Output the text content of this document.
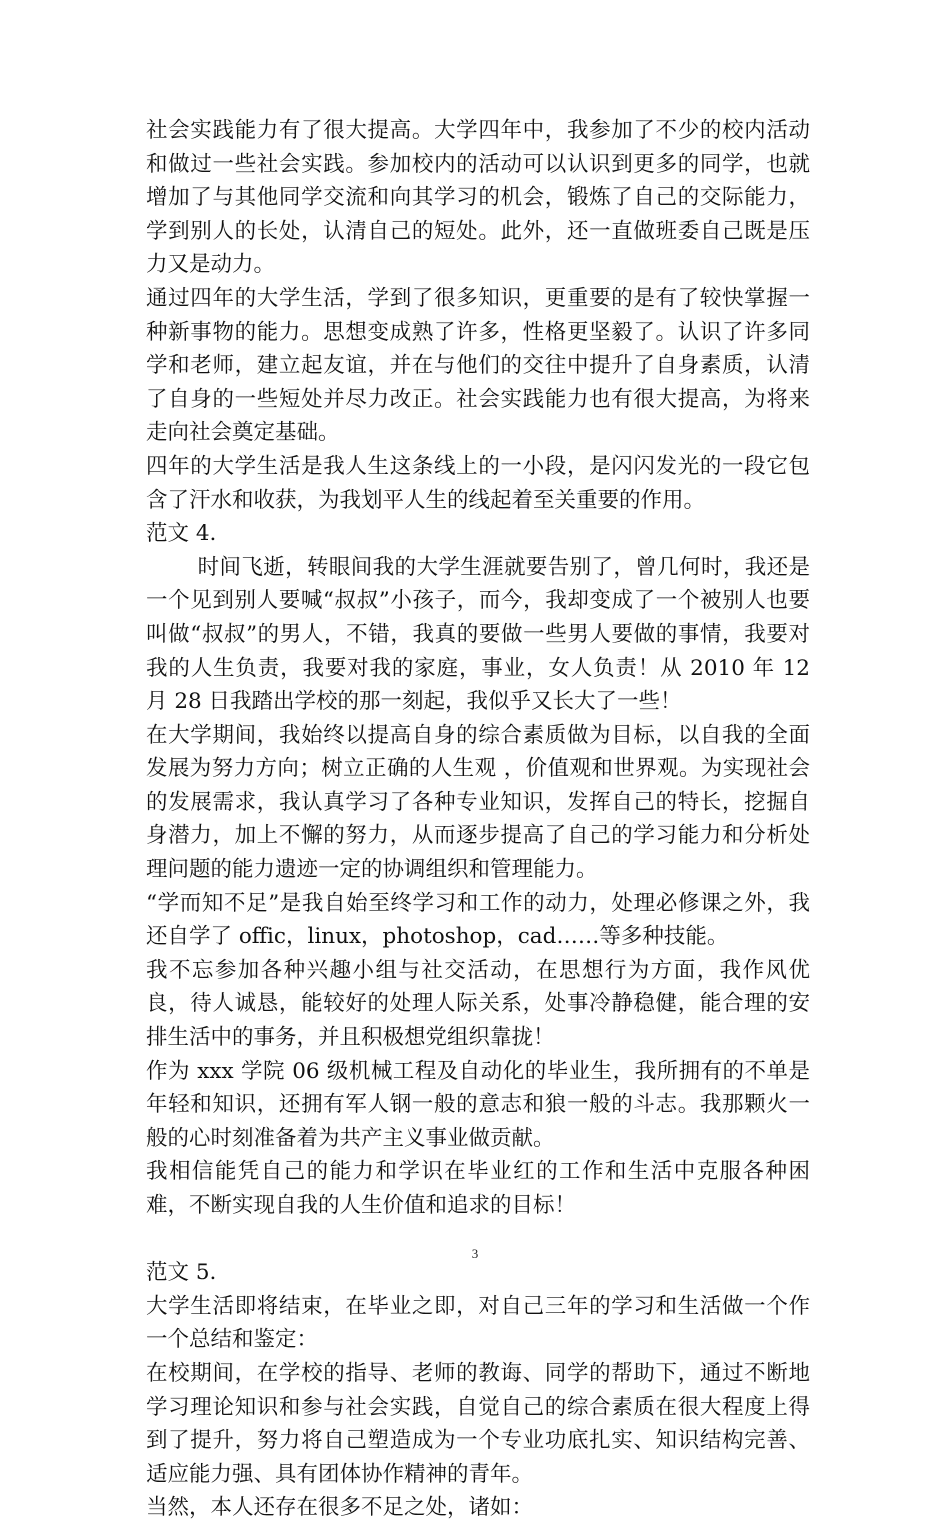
社会实践能力有了很大提高。大学四年中，我参加了不少的校内活动和做过一些社会实践。参加校内的活动可以认识到更多的同学，也就增加了与其他同学交流和向其学习的机会，锻炼了自己的交际能力，学到别人的长处，认清自己的短处。此外，还一直做班委自己既是压力又是动力。

通过四年的大学生活，学到了很多知识，更重要的是有了较快掌握一种新事物的能力。思想变成熟了许多，性格更坚毅了。认识了许多同学和老师，建立起友谊，并在与他们的交往中提升了自身素质，认清了自身的一些短处并尽力改正。社会实践能力也有很大提高，为将来走向社会奠定基础。

四年的大学生活是我人生这条线上的一小段，是闪闪发光的一段它包含了汗水和收获，为我划平人生的线起着至关重要的作用。

范文 4.

时间飞逝，转眼间我的大学生涯就要告别了，曾几何时，我还是一个见到别人要喊“叔叔”小孩子，而今，我却变成了一个被别人也要叫做“叔叔”的男人，不错，我真的要做一些男人要做的事情，我要对我的人生负责，我要对我的家庭，事业，女人负责！从 2010 年 12 月 28 日我踏出学校的那一刻起，我似乎又长大了一些！

在大学期间，我始终以提高自身的综合素质做为目标，以自我的全面发展为努力方向；树立正确的人生观 ，价值观和世界观。为实现社会的发展需求，我认真学习了各种专业知识，发挥自己的特长，挖掘自身潜力，加上不懈的努力，从而逐步提高了自己的学习能力和分析处理问题的能力遗迹一定的协调组织和管理能力。

“学而知不足”是我自始至终学习和工作的动力，处理必修课之外，我还自学了 offic，linux，photoshop，cad……等多种技能。

我不忘参加各种兴趣小组与社交活动，在思想行为方面，我作风优良，待人诚恳，能较好的处理人际关系，处事冷静稳健，能合理的安排生活中的事务，并且积极想党组织靠拢！

作为 xxx 学院 06 级机械工程及自动化的毕业生，我所拥有的不单是年轻和知识，还拥有军人钢一般的意志和狼一般的斗志。我那颗火一般的心时刻准备着为共产主义事业做贡献。

我相信能凭自己的能力和学识在毕业红的工作和生活中克服各种困难，不断实现自我的人生价值和追求的目标！

范文 5.

大学生活即将结束，在毕业之即，对自己三年的学习和生活做一个作一个总结和鉴定：

在校期间，在学校的指导、老师的教诲、同学的帮助下，通过不断地学习理论知识和参与社会实践，自觉自己的综合素质在很大程度上得到了提升，努力将自己塑造成为一个专业功底扎实、知识结构完善、适应能力强、具有团体协作精神的青年。

当然，本人还存在很多不足之处，诸如：

3
